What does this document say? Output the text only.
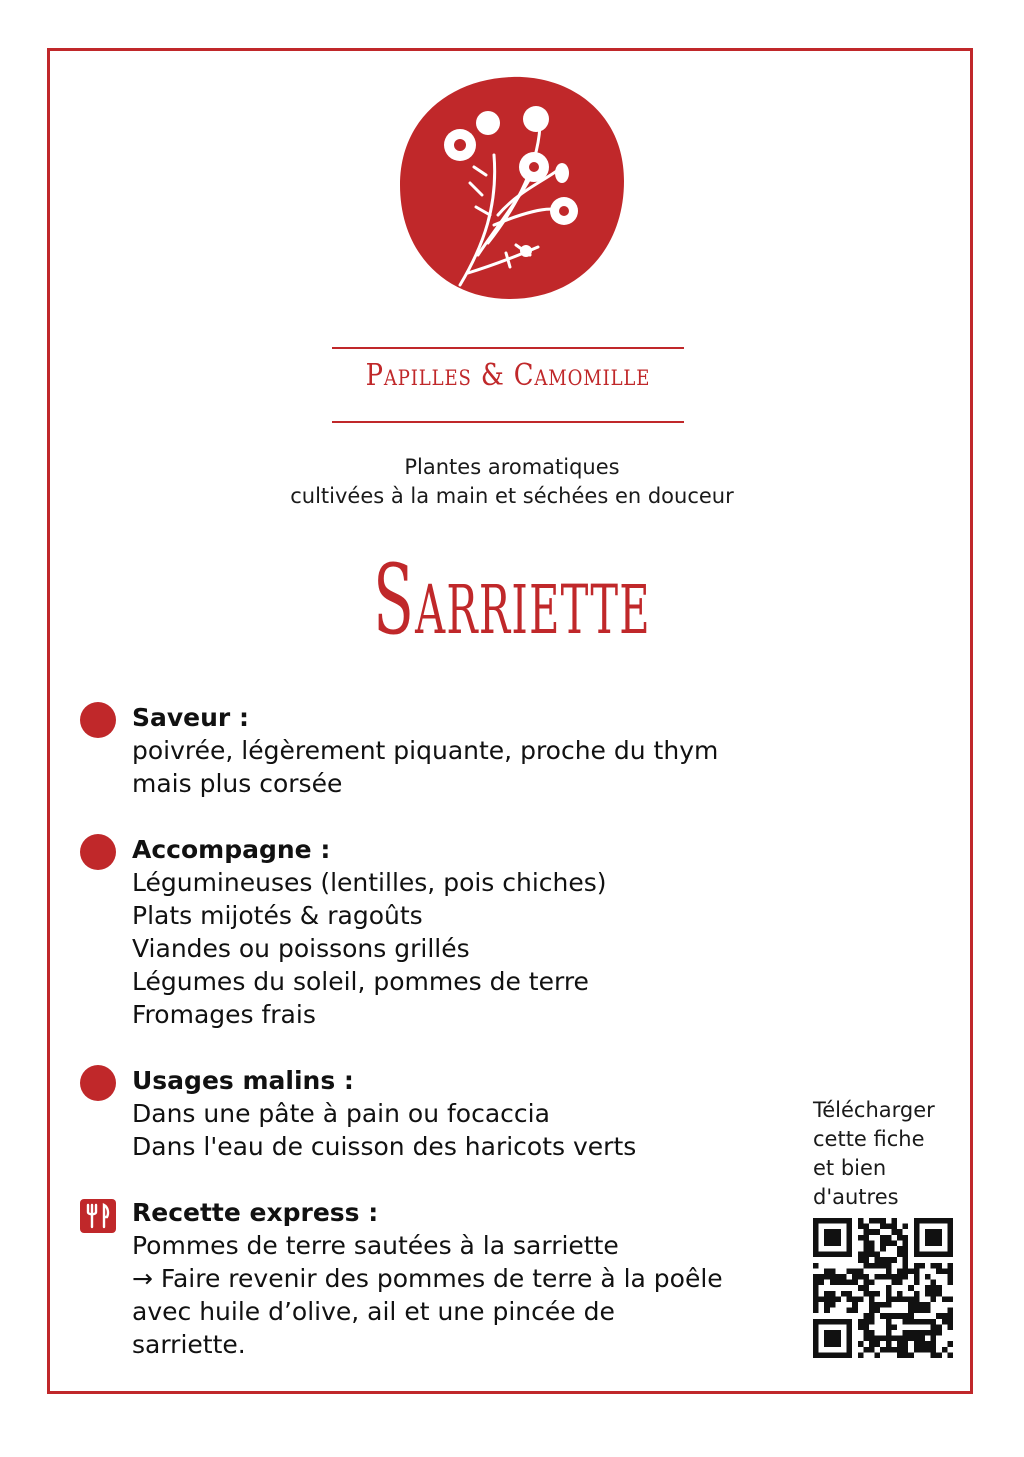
Papilles & Camomille
Plantes aromatiques
cultivées à la main et séchées en douceur
Sarriette
Saveur :
poivrée, légèrement piquante, proche du thym
mais plus corsée
Accompagne :
Légumineuses (lentilles, pois chiches)
Plats mijotés & ragoûts
Viandes ou poissons grillés
Légumes du soleil, pommes de terre
Fromages frais
Usages malins :
Dans une pâte à pain ou focaccia
Dans l'eau de cuisson des haricots verts
Recette express :
Pommes de terre sautées à la sarriette
→ Faire revenir des pommes de terre à la poêle
avec huile d’olive, ail et une pincée de
sarriette.
Télécharger
cette fiche
et bien
d'autres
